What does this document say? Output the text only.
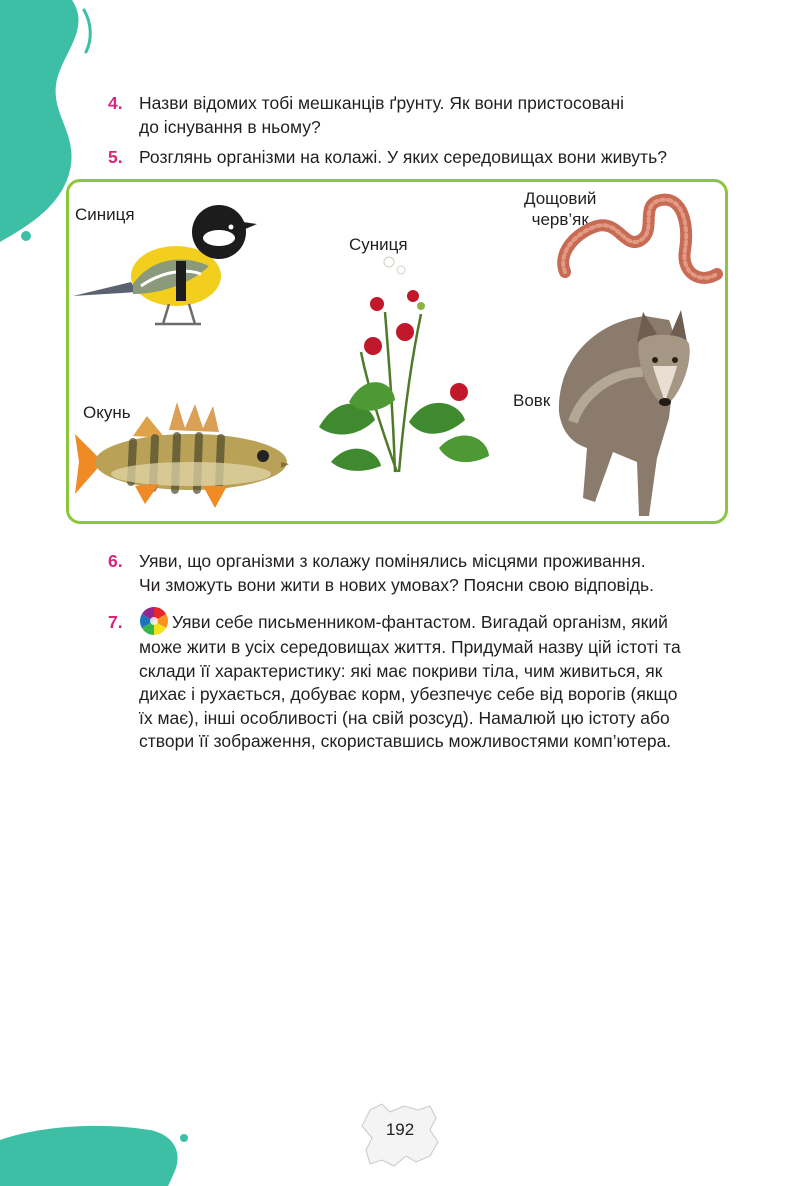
4. Назви відомих тобі мешканців ґрунту. Як вони пристосовані
до існування в ньому?
5. Розглянь організми на колажі. У яких середовищах вони живуть?
Синиця
Суниця
Дощовий
черв’як
Окунь
Вовк
6. Уяви, що організми з колажу помінялись місцями проживання.
Чи зможуть вони жити в нових умовах? Поясни свою відповідь.
7.	Уяви себе письменником-фантастом. Вигадай організм, який
може жити в усіх середовищах життя. Придумай назву цій істоті та
склади її характеристику: які має покриви тіла, чим живиться, як
дихає і рухається, добуває корм, убезпечує себе від ворогів (якщо
їх має), інші особливості (на свій розсуд). Намалюй цю істоту або
створи її зображення, скориставшись можливостями комп’ютера.
192
